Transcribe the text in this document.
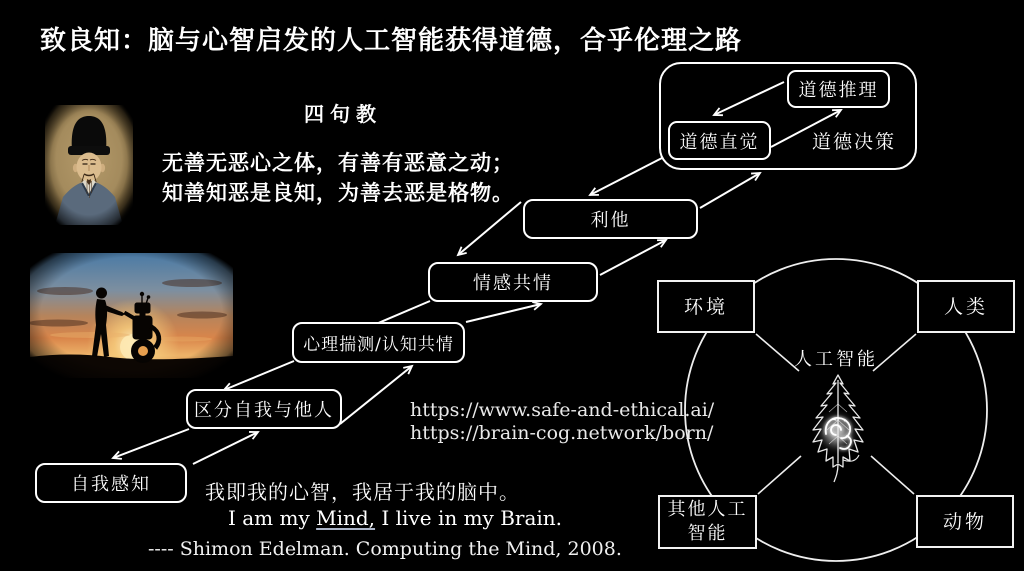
致良知：脑与心智启发的人工智能获得道德，合乎伦理之路
四句教
无善无恶心之体，有善有恶意之动；
知善知恶是良知，为善去恶是格物。
自我感知
区分自我与他人
心理揣测/认知共情
情感共情
利他
道德推理
道德直觉	道德决策
https://www.safe-and-ethical.ai/
https://brain-cog.network/born/
环境	人类
其他人工
智能
动物
人工智能
我即我的心智，我居于我的脑中。
I am my Mind, I live in my Brain.
---- Shimon Edelman. Computing the Mind, 2008.
